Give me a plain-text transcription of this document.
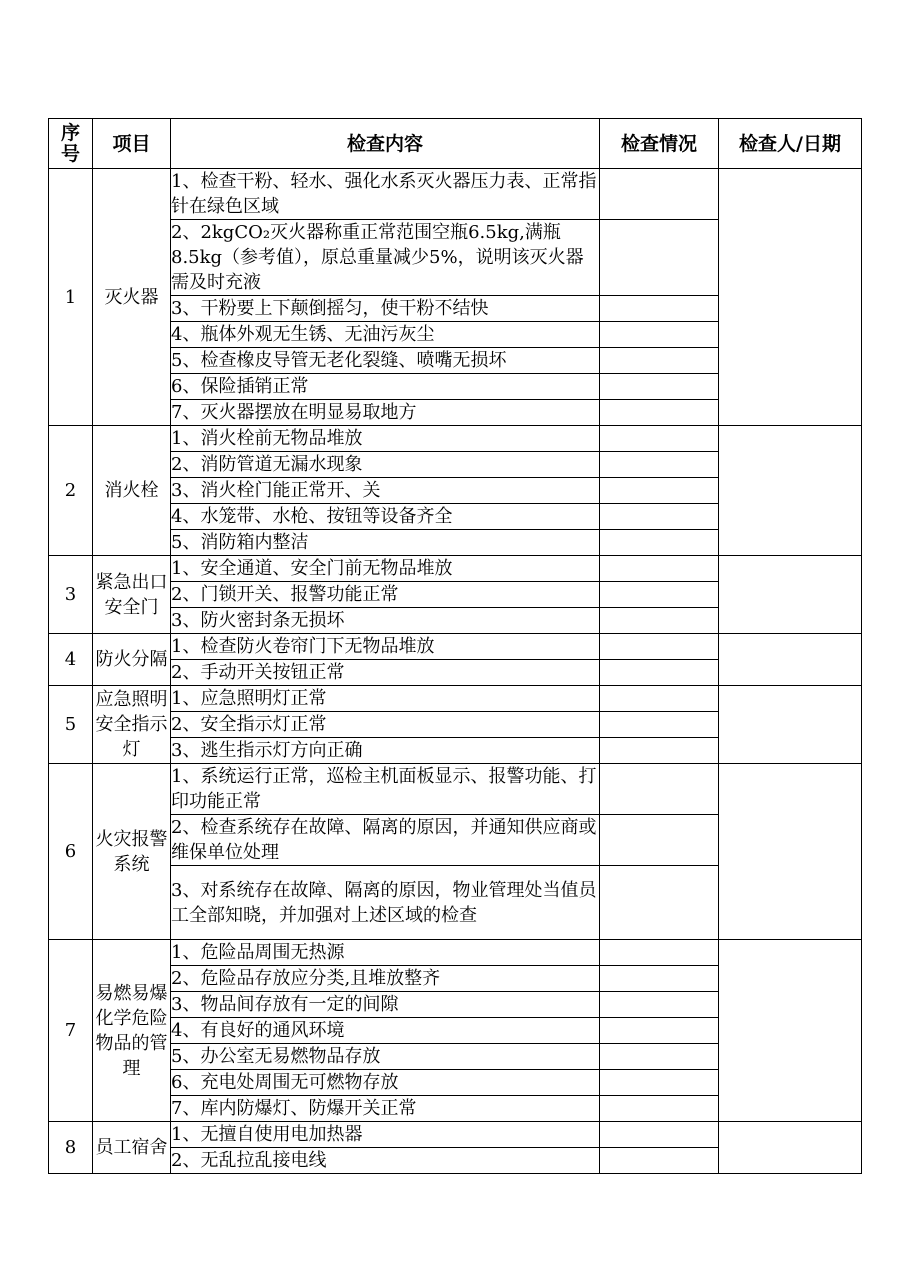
序号	项目	检查内容	检查情况	检查人/日期
1	灭火器	1、检查干粉、轻水、强化水系灭火器压力表、正常指针在绿色区域		
		2、2kgCO₂灭火器称重正常范围空瓶6.5kg,满瓶8.5kg（参考值），原总重量减少5%，说明该灭火器需及时充液		
		3、干粉要上下颠倒摇匀，使干粉不结快		
		4、瓶体外观无生锈、无油污灰尘		
		5、检查橡皮导管无老化裂缝、喷嘴无损坏		
		6、保险插销正常		
		7、灭火器摆放在明显易取地方		
2	消火栓	1、消火栓前无物品堆放		
		2、消防管道无漏水现象		
		3、消火栓门能正常开、关		
		4、水笼带、水枪、按钮等设备齐全		
		5、消防箱内整洁		
3	紧急出口安全门	1、安全通道、安全门前无物品堆放		
		2、门锁开关、报警功能正常		
		3、防火密封条无损坏		
4	防火分隔	1、检查防火卷帘门下无物品堆放		
		2、手动开关按钮正常		
5	应急照明安全指示灯	1、应急照明灯正常		
		2、安全指示灯正常		
		3、逃生指示灯方向正确		
6	火灾报警系统	1、系统运行正常，巡检主机面板显示、报警功能、打印功能正常		
		2、检查系统存在故障、隔离的原因，并通知供应商或维保单位处理		
		3、对系统存在故障、隔离的原因，物业管理处当值员工全部知晓，并加强对上述区域的检查		
7	易燃易爆化学危险物品的管理	1、危险品周围无热源		
		2、危险品存放应分类,且堆放整齐		
		3、物品间存放有一定的间隙		
		4、有良好的通风环境		
		5、办公室无易燃物品存放		
		6、充电处周围无可燃物存放		
		7、库内防爆灯、防爆开关正常		
8	员工宿舍	1、无擅自使用电加热器		
		2、无乱拉乱接电线		
